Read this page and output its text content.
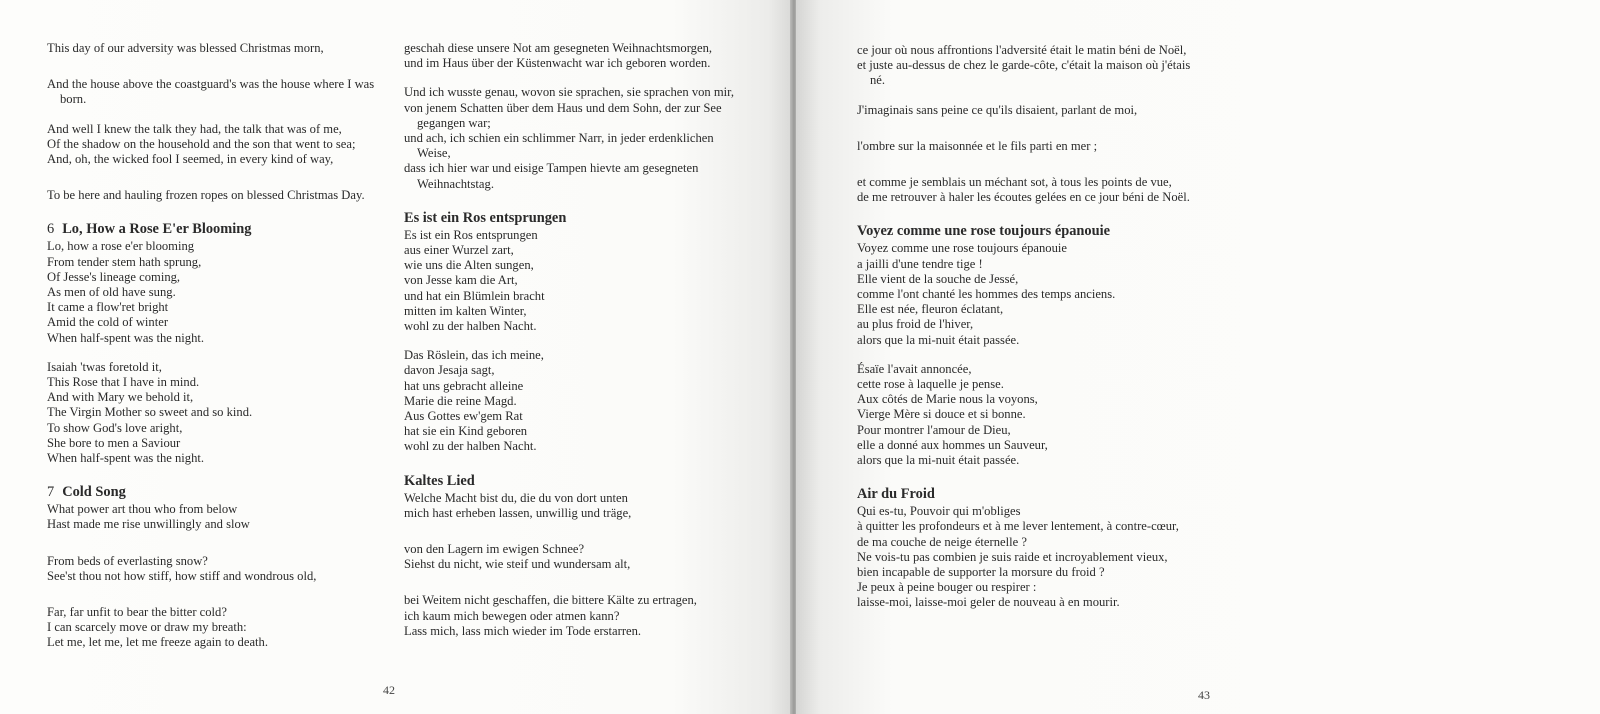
This day of our adversity was blessed Christmas morn,
And the house above the coastguard's was the house where I was born.
And well I knew the talk they had, the talk that was of me,
Of the shadow on the household and the son that went to sea;
And, oh, the wicked fool I seemed, in every kind of way,
To be here and hauling frozen ropes on blessed Christmas Day.
6 Lo, How a Rose E'er Blooming
Lo, how a rose e'er blooming
From tender stem hath sprung,
Of Jesse's lineage coming,
As men of old have sung.
It came a flow'ret bright
Amid the cold of winter
When half-spent was the night.
Isaiah 'twas foretold it,
This Rose that I have in mind.
And with Mary we behold it,
The Virgin Mother so sweet and so kind.
To show God's love aright,
She bore to men a Saviour
When half-spent was the night.
7 Cold Song
What power art thou who from below
Hast made me rise unwillingly and slow
From beds of everlasting snow?
See'st thou not how stiff, how stiff and wondrous old,
Far, far unfit to bear the bitter cold?
I can scarcely move or draw my breath:
Let me, let me, let me freeze again to death.
geschah diese unsere Not am gesegneten Weihnachtsmorgen,
und im Haus über der Küstenwacht war ich geboren worden.
Und ich wusste genau, wovon sie sprachen, sie sprachen von mir,
von jenem Schatten über dem Haus und dem Sohn, der zur See gegangen war;
und ach, ich schien ein schlimmer Narr, in jeder erdenklichen Weise,
dass ich hier war und eisige Tampen hievte am gesegneten Weihnachtstag.
Es ist ein Ros entsprungen
Es ist ein Ros entsprungen
aus einer Wurzel zart,
wie uns die Alten sungen,
von Jesse kam die Art,
und hat ein Blümlein bracht
mitten im kalten Winter,
wohl zu der halben Nacht.
Das Röslein, das ich meine,
davon Jesaja sagt,
hat uns gebracht alleine
Marie die reine Magd.
Aus Gottes ew'gem Rat
hat sie ein Kind geboren
wohl zu der halben Nacht.
Kaltes Lied
Welche Macht bist du, die du von dort unten
mich hast erheben lassen, unwillig und träge,
von den Lagern im ewigen Schnee?
Siehst du nicht, wie steif und wundersam alt,
bei Weitem nicht geschaffen, die bittere Kälte zu ertragen,
ich kaum mich bewegen oder atmen kann?
Lass mich, lass mich wieder im Tode erstarren.
42
ce jour où nous affrontions l'adversité était le matin béni de Noël,
et juste au-dessus de chez le garde-côte, c'était la maison où j'étais né.
J'imaginais sans peine ce qu'ils disaient, parlant de moi,
l'ombre sur la maisonnée et le fils parti en mer ;
et comme je semblais un méchant sot, à tous les points de vue,
de me retrouver à haler les écoutes gelées en ce jour béni de Noël.
Voyez comme une rose toujours épanouie
Voyez comme une rose toujours épanouie
a jailli d'une tendre tige !
Elle vient de la souche de Jessé,
comme l'ont chanté les hommes des temps anciens.
Elle est née, fleuron éclatant,
au plus froid de l'hiver,
alors que la mi-nuit était passée.
Ésaïe l'avait annoncée,
cette rose à laquelle je pense.
Aux côtés de Marie nous la voyons,
Vierge Mère si douce et si bonne.
Pour montrer l'amour de Dieu,
elle a donné aux hommes un Sauveur,
alors que la mi-nuit était passée.
Air du Froid
Qui es-tu, Pouvoir qui m'obliges
à quitter les profondeurs et à me lever lentement, à contre-cœur,
de ma couche de neige éternelle ?
Ne vois-tu pas combien je suis raide et incroyablement vieux,
bien incapable de supporter la morsure du froid ?
Je peux à peine bouger ou respirer :
laisse-moi, laisse-moi geler de nouveau à en mourir.
43
